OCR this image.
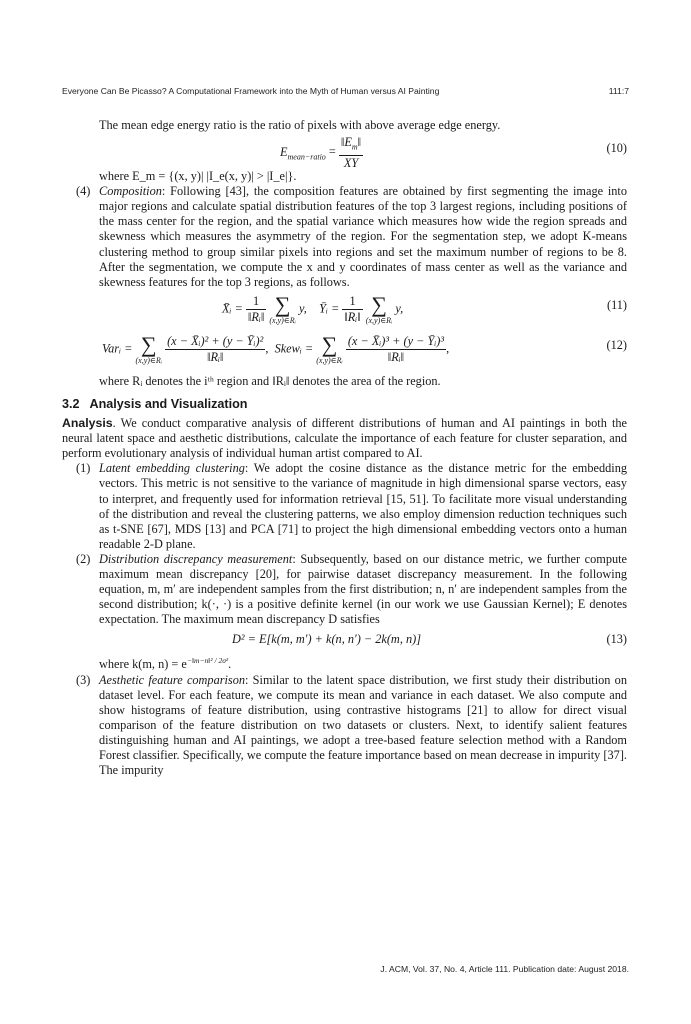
Everyone Can Be Picasso? A Computational Framework into the Myth of Human versus AI Painting	111:7

The mean edge energy ratio is the ratio of pixels with above average edge energy.

$E_{mean-ratio} = \frac{‖E_m‖}{XY}$	(10)

where E_m = {(x, y)| |I_e(x, y)| > |I_e|}.

(4) Composition: Following [43], the composition features are obtained by first segmenting the image into major regions and calculate spatial distribution features of the top 3 largest regions, including positions of the mass center for the region, and the spatial variance which measures how wide the region spreads and skewness which measures the asymmetry of the region. For the segmentation step, we adopt K-means clustering method to group similar pixels into regions and set the maximum number of regions to be 8. After the segmentation, we compute the x and y coordinates of mass center as well as the variance and skewness features for the top 3 regions, as follows.

X̄ᵢ = $\frac{1}{\text{‖Rᵢ‖}}$ ∑
(x,y)∈Rᵢ
y, Ȳᵢ = $\frac{1}{\text{‖Rᵢ‖}}$ ∑
(x,y)∈Rᵢ
y,	(11)
Varᵢ = ∑
(x,y)∈Rᵢ
$\frac{\text{(x − X̄ᵢ)² + (y − Ȳᵢ)²}}{\text{‖Rᵢ‖}}$ ,  Skewᵢ = ∑
(x,y)∈Rᵢ
$\frac{\text{(x − X̄ᵢ)³ + (y − Ȳᵢ)³}}{\text{‖Rᵢ‖}}$ ,	(12)

where Rᵢ denotes the iᵗʰ region and ‖Rᵢ‖ denotes the area of the region.

3.2 Analysis and Visualization

Analysis. We conduct comparative analysis of different distributions of human and AI paintings in both the neural latent space and aesthetic distributions, calculate the importance of each feature for cluster separation, and perform evolutionary analysis of individual human artist compared to AI.

(1) Latent embedding clustering: We adopt the cosine distance as the distance metric for the embedding vectors. This metric is not sensitive to the variance of magnitude in high dimensional sparse vectors, easy to interpret, and frequently used for information retrieval [15, 51]. To facilitate more visual understanding of the distribution and reveal the clustering patterns, we also employ dimension reduction techniques such as t-SNE [67], MDS [13] and PCA [71] to project the high dimensional embedding vectors onto a human readable 2-D plane.

(2) Distribution discrepancy measurement: Subsequently, based on our distance metric, we further compute maximum mean discrepancy [20], for pairwise dataset discrepancy measurement. In the following equation, m, m′ are independent samples from the first distribution; n, n′ are independent samples from the second distribution; k(·, ·) is a positive definite kernel (in our work we use Gaussian Kernel); E denotes expectation. The maximum mean discrepancy D satisfies

D² = E[k(m, m′) + k(n, n′) − 2k(m, n)]	(13)

where k(m, $n) = e^{-‖m-n‖^2 / 2\sigma^2}$.

(3) Aesthetic feature comparison: Similar to the latent space distribution, we first study their distribution on dataset level. For each feature, we compute its mean and variance in each dataset. We also compute and show histograms of feature distribution, using contrastive histograms [21] to allow for direct visual comparison of the feature distribution on two datasets or clusters. Next, to identify salient features distinguishing human and AI paintings, we adopt a tree-based feature selection method with a Random Forest classifier. Specifically, we compute the feature importance based on mean decrease in impurity [37]. The impurity

J. ACM, Vol. 37, No. 4, Article 111. Publication date: August 2018.
